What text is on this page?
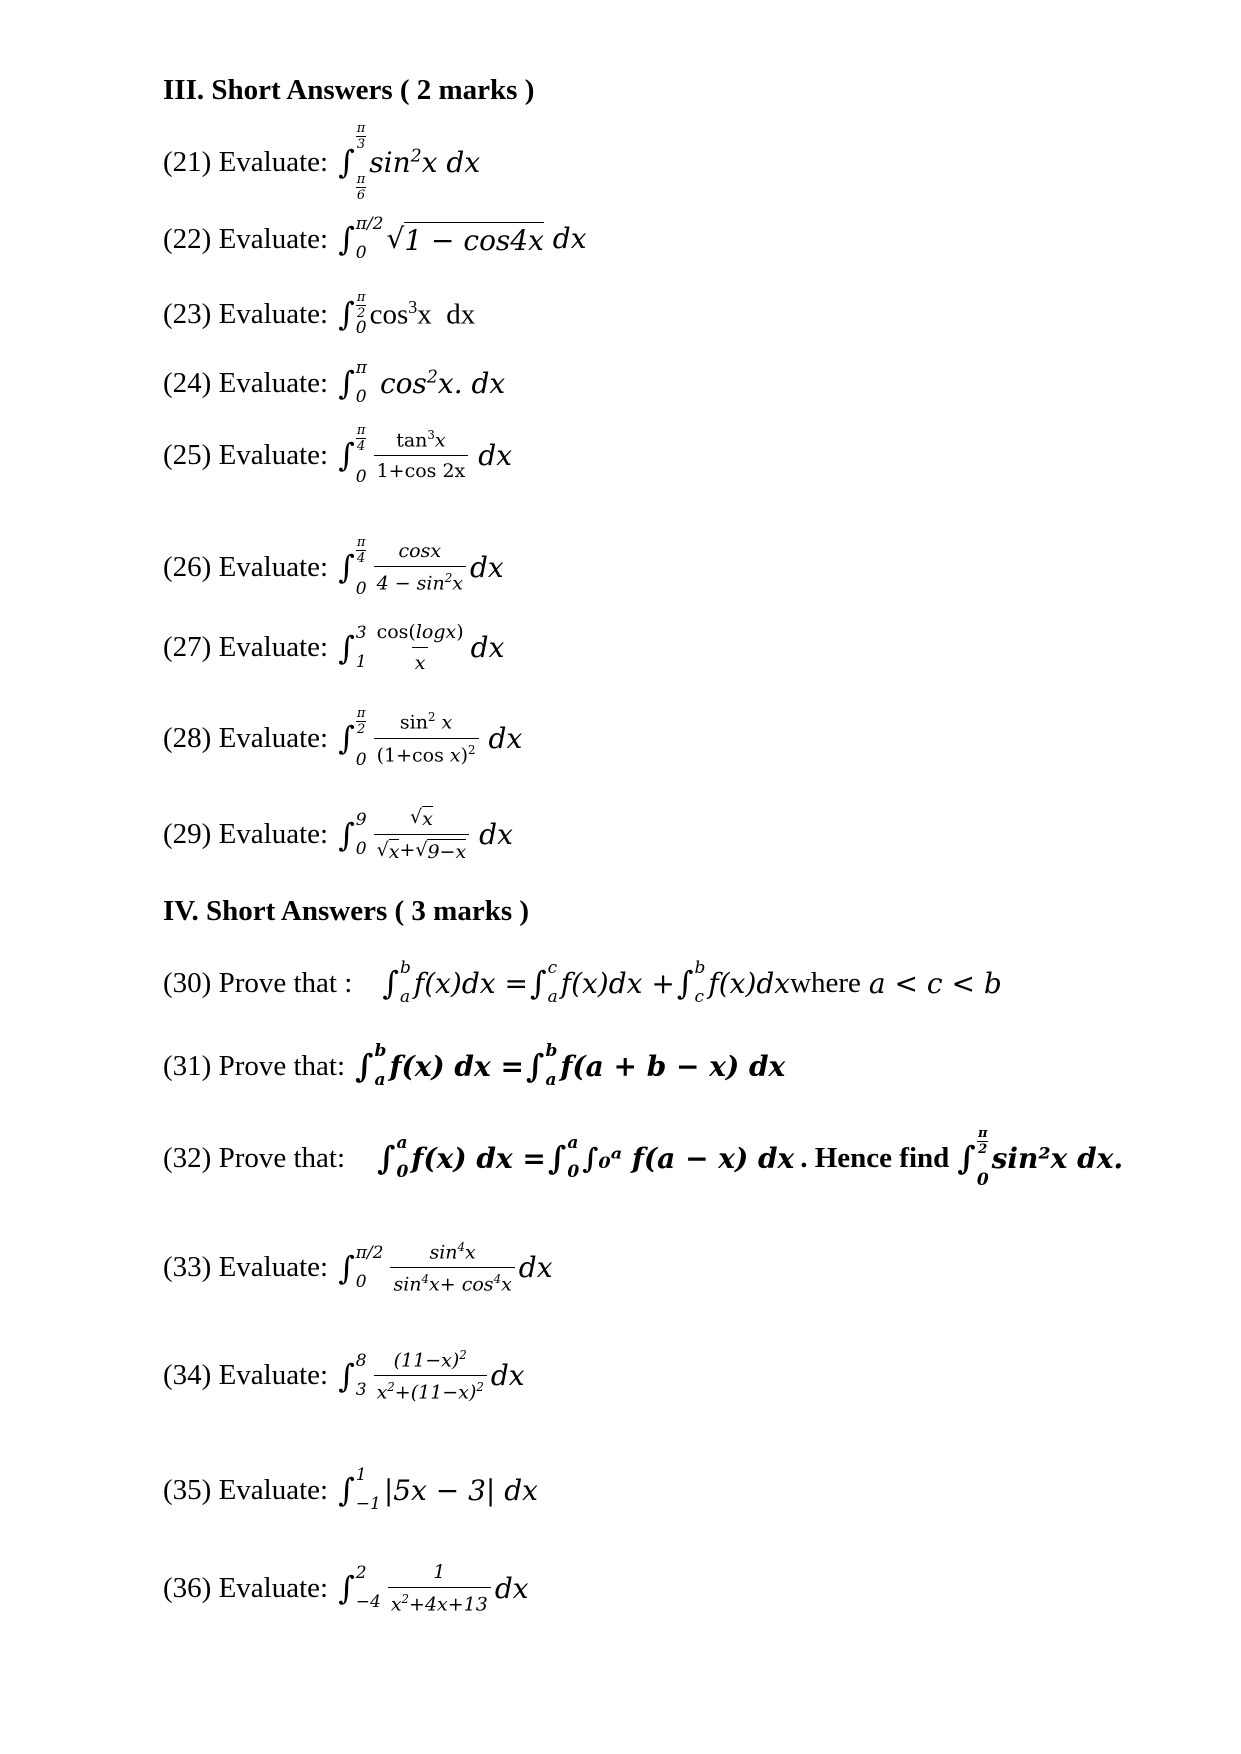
III. Short Answers ( 2 marks )
(21) Evaluate: ∫
π
3
π
6
$\sin^2x$ dx
(22) Evaluate: ∫ π/2
0 √ 1 − cos4x dx
(23) Evaluate: ∫ π
2
0 $\cos^3x$  dx
(24) Evaluate: ∫ π
0 $\cos^2x$. dx
(25) Evaluate: ∫
π
4
$0 \frac{\tan^3x}{1+\cos 2x}$ dx
(26) Evaluate: ∫
π
4
$0 \frac{\cos x}{4 - \sin^2x}$ dx
(27) Evaluate: ∫ 3
$1 \frac{\cos(\log x)}{x}$ dx
(28) Evaluate: ∫
π
2
$0 \frac{\sin^2 x}{(1+\cos x)^2}$ dx
(29) Evaluate: ∫ 9
$0 \frac{√ x}{√ x + √ 9-x}$ dx
IV. Short Answers ( 3 marks )
(30) Prove that : ∫ b
a f(x)dx = ∫ c
a f(x)dx + ∫ b
c f(x)dx where a < c < b
(31) Prove that: ∫ b
a f(x) dx = ∫ b
a f(a + b − x) dx
(32) Prove that: ∫ a
0 f(x) dx = ∫ a
0 ∫₀ᵃ f(a − x) dx . Hence find ∫
π
2
0
sin²x dx.
(33) Evaluate: ∫ π/2
0	$\frac{\sin^4x}{\sin^4x+ \cos^4x}$ dx
(34) Evaluate: ∫ 8
$3 \frac{(11-x)^2}{x^2+(11-x)^2}$ dx
(35) Evaluate: ∫ 1
−1 |5x − 3| dx
(36) Evaluate: ∫ 2
$-4 \frac{1}{x^2+4x+13}$ dx
